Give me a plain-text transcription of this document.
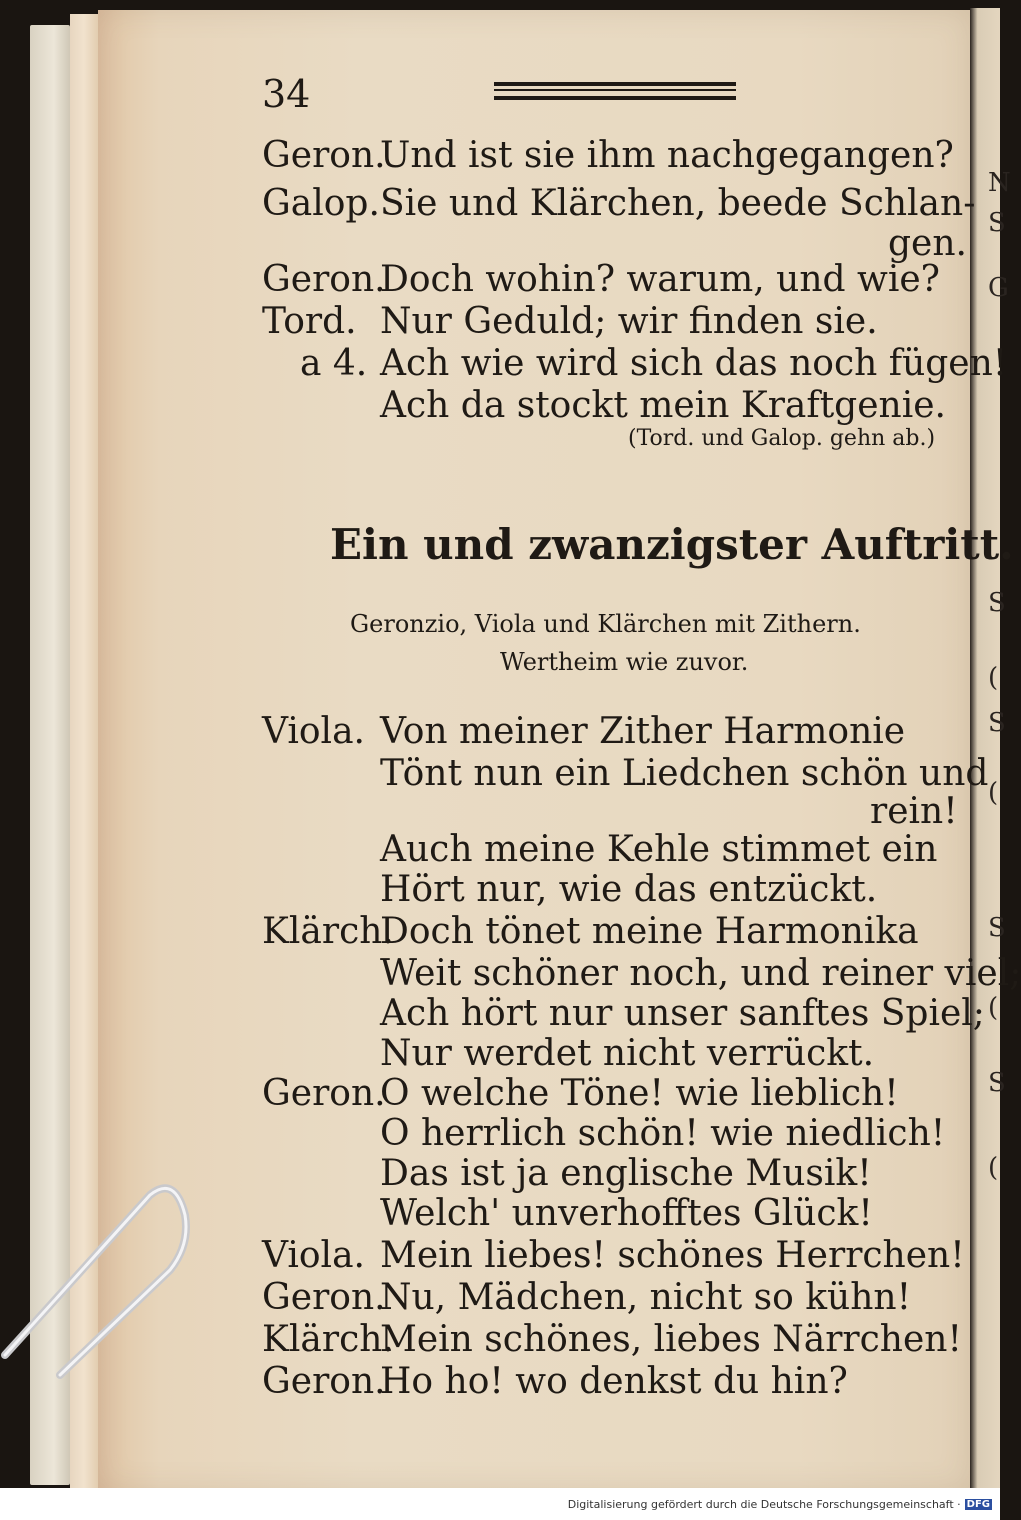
N
S
G
S
(
S
(
S
(
S
(
34
Geron.
Und ist sie ihm nachgegangen?
Galop. Sie und Klärchen, beede Schlan-
gen.
Geron.
Doch wohin? warum, und wie?
Tord. Nur Geduld; wir finden sie.
a 4. Ach wie wird sich das noch fügen!
Ach da stockt mein Kraftgenie.
(Tord. und Galop. gehn ab.)
Ein und zwanzigster Auftritt.
Geronzio, Viola und Klärchen mit Zithern.
Wertheim wie zuvor.
Viola. Von meiner Zither Harmonie
Tönt nun ein Liedchen schön und
rein!
Auch meine Kehle stimmet ein
Hört nur, wie das entzückt.
Klärch.
Doch tönet meine Harmonika
Weit schöner noch, und reiner viel;
Ach hört nur unser sanftes Spiel;
Nur werdet nicht verrückt.
Geron.
O welche Töne! wie lieblich!
O herrlich schön! wie niedlich!
Das ist ja englische Musik!
Welch' unverhofftes Glück!
Viola. Mein liebes! schönes Herrchen!
Geron.
Nu, Mädchen, nicht so kühn!
Klärch.
Mein schönes, liebes Närrchen!
Geron.
Ho ho! wo denkst du hin?
Digitalisierung gefördert durch die Deutsche Forschungsgemeinschaft · DFG
